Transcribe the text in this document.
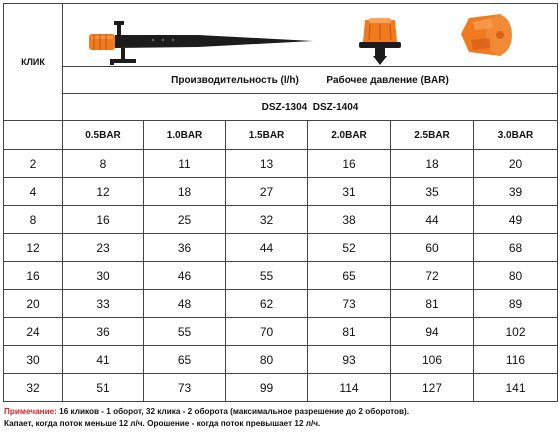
КЛИК	

	Производительность (l/h) Рабочее давление (BAR)					
	DSZ-1304  DSZ-1404					
	0.5BAR	1.0BAR	1.5BAR	2.0BAR	2.5BAR	3.0BAR
2	8	11	13	16	18	20
4	12	18	27	31	35	39
8	16	25	32	38	44	49
12	23	36	44	52	60	68
16	30	46	55	65	72	80
20	33	48	62	73	81	89
24	36	55	70	81	94	102
30	41	65	80	93	106	116
32	51	73	99	114	127	141
Примечание: 16 кликов - 1 оборот, 32 клика - 2 оборота (максимальное разрешение до 2 оборотов).
Капает, когда поток меньше 12 л/ч. Орошение - когда поток превышает 12 л/ч.
